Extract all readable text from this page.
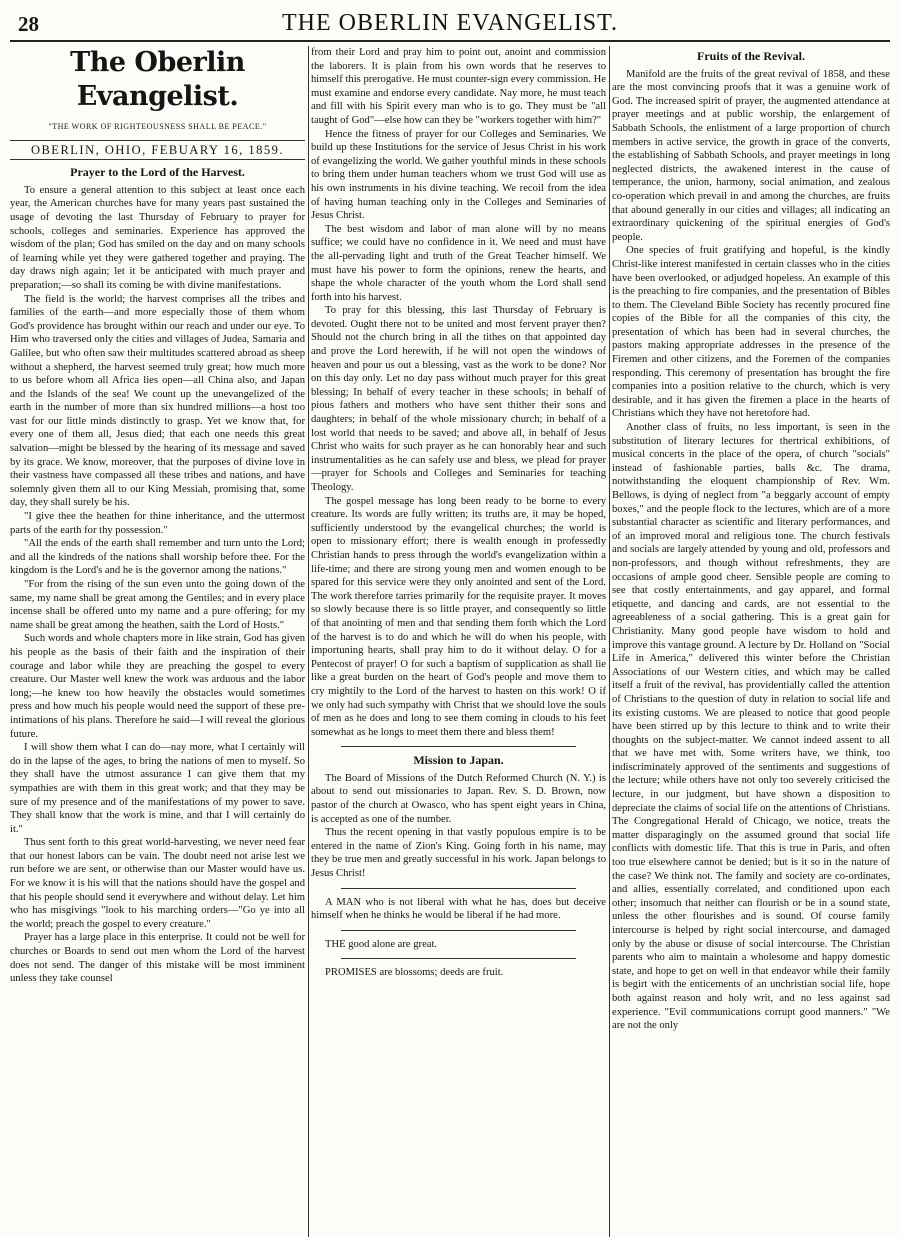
28	THE OBERLIN EVANGELIST.
The Oberlin Evangelist.
"THE WORK OF RIGHTEOUSNESS SHALL BE PEACE."
OBERLIN, OHIO, FEBUARY 16, 1859.
Prayer to the Lord of the Harvest.

To ensure a general attention to this subject at least once each year, the American churches have for many years past sustained the usage of devoting the last Thursday of February to prayer for schools, colleges and seminaries. Experience has approved the wisdom of the plan; God has smiled on the day and on many schools of learning while yet they were gathered together and praying. The day draws nigh again; let it be anticipated with much prayer and preparation;—so shall its coming be with divine manifestations.

The field is the world; the harvest comprises all the tribes and families of the earth—and more especially those of them whom God's providence has brought within our reach and under our eye. To Him who traversed only the cities and villages of Judea, Samaria and Galilee, but who often saw their multitudes scattered abroad as sheep without a shepherd, the harvest seemed truly great; how much more to us before whom all Africa lies open—all China also, and Japan and the Islands of the sea! We count up the unevangelized of the earth in the number of more than six hundred millions—a host too vast for our little minds distinctly to grasp. Yet we know that, for every one of them all, Jesus died; that each one needs this great salvation—might be blessed by the hearing of its message and saved by its grace. We know, moreover, that the purposes of divine love in their vastness have compassed all these tribes and nations, and have solemnly given them all to our King Messiah, promising that, some day, they shall surely be his.

"I give thee the heathen for thine inheritance, and the uttermost parts of the earth for thy possession."

"All the ends of the earth shall remember and turn unto the Lord; and all the kindreds of the nations shall worship before thee. For the kingdom is the Lord's and he is the governor among the nations."

"For from the rising of the sun even unto the going down of the same, my name shall be great among the Gentiles; and in every place incense shall be offered unto my name and a pure offering; for my name shall be great among the heathen, saith the Lord of Hosts."

Such words and whole chapters more in like strain, God has given his people as the basis of their faith and the inspiration of their courage and labor while they are preaching the gospel to every creature. Our Master well knew the work was arduous and the labor long;—he knew too how heavily the obstacles would sometimes press and how much his people would need the support of these pre-intimations of his plans. Therefore he said—I will reveal the glorious future.

I will show them what I can do—nay more, what I certainly will do in the lapse of the ages, to bring the nations of men to myself. So they shall have the utmost assurance I can give them that my sympathies are with them in this great work; and that they may be sure of my presence and of the manifestations of my power to save. They shall know that the work is mine, and that I will certainly do it."

Thus sent forth to this great world-harvesting, we never need fear that our honest labors can be vain. The doubt need not arise lest we run before we are sent, or otherwise than our Master would have us. For we know it is his will that the nations should have the gospel and that his people should send it everywhere and without delay. Let him who has misgivings "look to his marching orders—"Go ye into all the world; preach the gospel to every creature."

Prayer has a large place in this enterprise. It could not be well for churches or Boards to send out men whom the Lord of the harvest does not send. The danger of this mistake will be most imminent unless they take counsel

from their Lord and pray him to point out, anoint and commission the laborers. It is plain from his own words that he reserves to himself this prerogative. He must counter-sign every commission. He must examine and endorse every candidate. Nay more, he must teach and fill with his Spirit every man who is to go. They must be "all taught of God"—else how can they be "workers together with him?"

Hence the fitness of prayer for our Colleges and Seminaries. We build up these Institutions for the service of Jesus Christ in his work of evangelizing the world. We gather youthful minds in these schools to bring them under human teachers whom we trust God will use as his own instruments in his divine teaching. We recoil from the idea of having human teaching only in the Colleges and Seminaries of Jesus Christ.

The best wisdom and labor of man alone will by no means suffice; we could have no confidence in it. We need and must have the all-pervading light and truth of the Great Teacher himself. We must have his power to form the opinions, renew the hearts, and shape the whole character of the youth whom the Lord shall send forth into his harvest.

To pray for this blessing, this last Thursday of February is devoted. Ought there not to be united and most fervent prayer then? Should not the church bring in all the tithes on that appointed day and prove the Lord herewith, if he will not open the windows of heaven and pour us out a blessing, vast as the work to be done? Nor on this day only. Let no day pass without much prayer for this great blessing; In behalf of every teacher in these schools; in behalf of pious fathers and mothers who have sent thither their sons and daughters; in behalf of the whole missionary church; in behalf of a lost world that needs to be saved; and above all, in behalf of Jesus Christ who waits for such prayer as he can honorably hear and such instrumentalities as he can safely use and bless, we plead for prayer—prayer for Schools and Colleges and Seminaries for teaching Theology.

The gospel message has long been ready to be borne to every creature. Its words are fully written; its truths are, it may be hoped, sufficiently understood by the evangelical churches; the world is open to missionary effort; there is wealth enough in professedly Christian hands to press through the world's evangelization within a life-time; and there are strong young men and women enough to be spared for this service were they only anointed and sent of the Lord. The work therefore tarries primarily for the requisite prayer. It moves so slowly because there is so little prayer, and consequently so little of that anointing of men and that sending them forth which the Lord of the harvest is to do and which he will do when his people, with importuning hearts, shall pray him to do it without delay. O for a Pentecost of prayer! O for such a baptism of supplication as shall lie like a great burden on the heart of God's people and move them to cry mightily to the Lord of the harvest to hasten on this work! O if we only had such sympathy with Christ that we should love the souls of men as he does and long to see them coming in clouds to his feet somewhat as he longs to meet them there and bless them!

Mission to Japan.

The Board of Missions of the Dutch Reformed Church (N. Y.) is about to send out missionaries to Japan. Rev. S. D. Brown, now pastor of the church at Owasco, who has spent eight years in China, is accepted as one of the number.

Thus the recent opening in that vastly populous empire is to be entered in the name of Zion's King. Going forth in his name, may they be true men and greatly successful in his work. Japan belongs to Jesus Christ!

A MAN who is not liberal with what he has, does but deceive himself when he thinks he would be liberal if he had more.

THE good alone are great.

PROMISES are blossoms; deeds are fruit.

Fruits of the Revival.

Manifold are the fruits of the great revival of 1858, and these are the most convincing proofs that it was a genuine work of God. The increased spirit of prayer, the augmented attendance at prayer meetings and at public worship, the enlargement of Sabbath Schools, the enlistment of a large proportion of church members in active service, the growth in grace of the converts, the establishing of Sabbath Schools, and prayer meetings in long neglected districts, the awakened interest in the cause of temperance, the union, harmony, social animation, and zealous co-operation which prevail in and among the churches, are fruits that abound generally in our cities and villages; all indicating an extraordinary quickening of the spiritual energies of God's people.

One species of fruit gratifying and hopeful, is the kindly Christ-like interest manifested in certain classes who in the cities have been overlooked, or adjudged hopeless. An example of this is the preaching to fire companies, and the presentation of Bibles to them. The Cleveland Bible Society has recently procured fine copies of the Bible for all the companies of this city, the presentation of which has been had in several churches, the pastors making appropriate addresses in the presence of the Firemen and other citizens, and the Foremen of the companies responding. This ceremony of presentation has brought the fire companies into a position relative to the church, which is very desirable, and it has given the firemen a place in the hearts of Christians which they have not heretofore had.

Another class of fruits, no less important, is seen in the substitution of literary lectures for thertrical exhibitions, of musical concerts in the place of the opera, of church "socials" instead of fashionable parties, balls &c. The drama, notwithstanding the eloquent championship of Rev. Wm. Bellows, is dying of neglect from "a beggarly account of empty boxes," and the people flock to the lectures, which are of a more substantial character as scientific and literary performances, and of an improved moral and religious tone. The church festivals and socials are largely attended by young and old, professors and non-professors, and though without refreshments, they are occasions of ample good cheer. Sensible people are coming to see that costly entertainments, and gay apparel, and formal etiquette, and dancing and cards, are not essential to the agreeableness of a social gathering. This is a great gain for Christianity. Many good people have wisdom to hold and improve this vantage ground. A lecture by Dr. Holland on "Social Life in America," delivered this winter before the Christian Associations of our Western cities, and which may be called itself a fruit of the revival, has providentially called the attention of Christians to the question of duty in relation to social life and its existing customs. We are pleased to notice that good people have been stirred up by this lecture to think and to write their thoughts on the subject-matter. We cannot indeed assent to all that we have met with. Some writers have, we think, too indiscriminately approved of the sentiments and suggestions of the lecture; while others have not only too severely criticised the lecture, in our judgment, but have shown a disposition to depreciate the claims of social life on the attentions of Christians. The Congregational Herald of Chicago, we notice, treats the matter disparagingly on the assumed ground that social life conflicts with domestic life. That this is true in Paris, and often too true elsewhere cannot be denied; but is it so in the nature of the case? We think not. The family and society are co-ordinates, and allies, essentially correlated, and conditioned upon each other; insomuch that neither can flourish or be in a sound state, unless the other flourishes and is sound. Of course family intercourse is helped by right social intercourse, and damaged only by the abuse or disuse of social intercourse. The Christian parents who aim to maintain a wholesome and happy domestic state, and hope to get on well in that endeavor while their family is begirt with the enticements of an unchristian social life, hope both against reason and holy writ, and no less against sad experience. "Evil communications corrupt good manners." "We are not the only
